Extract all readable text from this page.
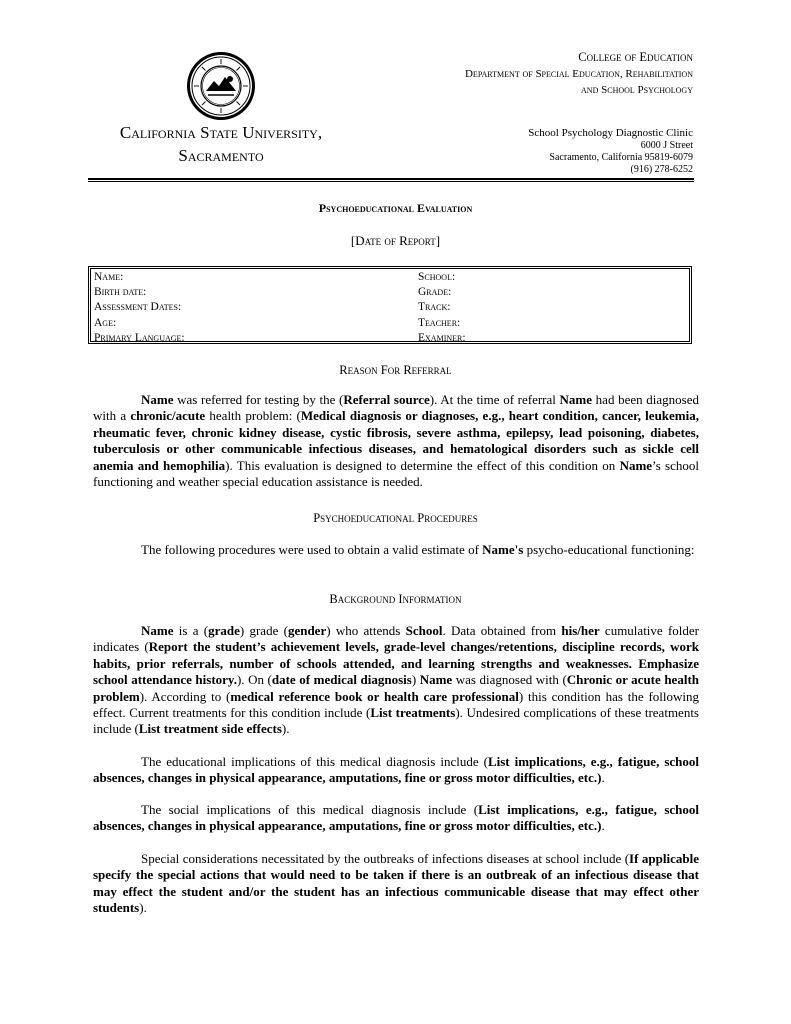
California State University,
Sacramento
College of Education
Department of Special Education, Rehabilitation
and School Psychology
School Psychology Diagnostic Clinic
6000 J Street
Sacramento, California 95819-6079
(916) 278-6252
Psychoeducational Evaluation
[Date of Report]
Name:
Birth date:
Assessment Dates:
Age:
Primary Language:
School:
Grade:
Track:
Teacher:
Examiner:
Reason For Referral
Name was referred for testing by the (Referral source). At the time of referral Name had been diagnosed with a chronic/acute health problem: (Medical diagnosis or diagnoses, e.g., heart condition, cancer, leukemia, rheumatic fever, chronic kidney disease, cystic fibrosis, severe asthma, epilepsy, lead poisoning, diabetes, tuberculosis or other communicable infectious diseases, and hematological disorders such as sickle cell anemia and hemophilia). This evaluation is designed to determine the effect of this condition on Name’s school functioning and weather special education assistance is needed.
Psychoeducational Procedures
The following procedures were used to obtain a valid estimate of Name's psycho-educational functioning:
Background Information
Name is a (grade) grade (gender) who attends School. Data obtained from his/her cumulative folder indicates (Report the student’s achievement levels, grade-level changes/retentions, discipline records, work habits, prior referrals, number of schools attended, and learning strengths and weaknesses. Emphasize school attendance history.). On (date of medical diagnosis) Name was diagnosed with (Chronic or acute health problem). According to (medical reference book or health care professional) this condition has the following effect. Current treatments for this condition include (List treatments). Undesired complications of these treatments include (List treatment side effects).
The educational implications of this medical diagnosis include (List implications, e.g., fatigue, school absences, changes in physical appearance, amputations, fine or gross motor difficulties, etc.).
The social implications of this medical diagnosis include (List implications, e.g., fatigue, school absences, changes in physical appearance, amputations, fine or gross motor difficulties, etc.).
Special considerations necessitated by the outbreaks of infections diseases at school include (If applicable specify the special actions that would need to be taken if there is an outbreak of an infectious disease that may effect the student and/or the student has an infectious communicable disease that may effect other students).
